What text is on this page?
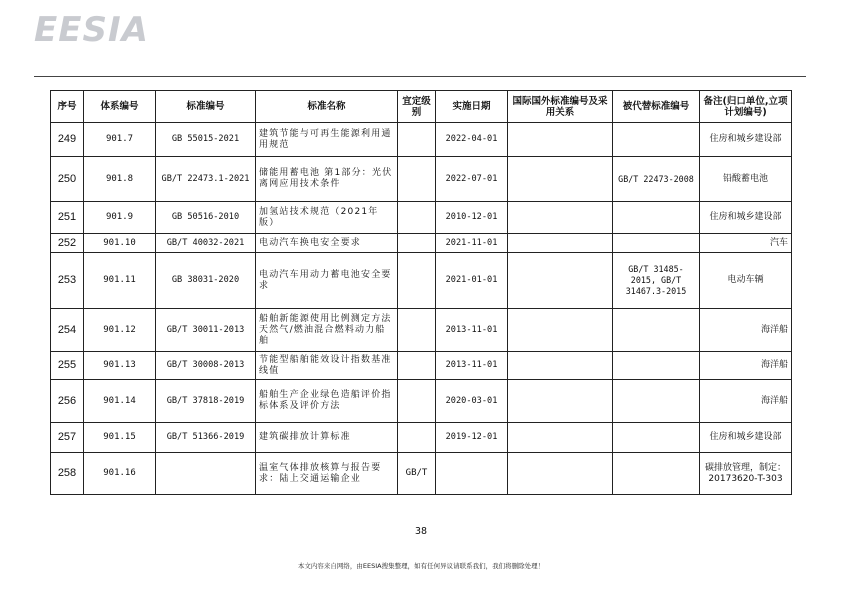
EESIA
序号	体系编号	标准编号	标准名称	宜定级别	实施日期	国际国外标准编号及采用关系	被代替标准编号	备注(归口单位,立项计划编号)
249	901.7	GB 55015-2021	建筑节能与可再生能源利用通用规范		2022-04-01			住房和城乡建设部
250	901.8	GB/T 22473.1-2021	储能用蓄电池 第1部分：光伏离网应用技术条件		2022-07-01		GB/T 22473-2008	铅酸蓄电池
251	901.9	GB 50516-2010	加氢站技术规范（2021年版）		2010-12-01			住房和城乡建设部
252	901.10	GB/T 40032-2021	电动汽车换电安全要求		2021-11-01			汽车
253	901.11	GB 38031-2020	电动汽车用动力蓄电池安全要求		2021-01-01		GB/T 31485-2015, GB/T 31467.3-2015	电动车辆
254	901.12	GB/T 30011-2013	船舶新能源使用比例测定方法 天然气/燃油混合燃料动力船舶		2013-11-01			海洋船
255	901.13	GB/T 30008-2013	节能型船舶能效设计指数基准线值		2013-11-01			海洋船
256	901.14	GB/T 37818-2019	船舶生产企业绿色造船评价指标体系及评价方法		2020-03-01			海洋船
257	901.15	GB/T 51366-2019	建筑碳排放计算标准		2019-12-01			住房和城乡建设部
258	901.16		温室气体排放核算与报告要求：陆上交通运输企业	GB/T				碳排放管理，制定：20173620-T-303
38
本文内容来自网络，由EESIA搜集整理，如有任何异议请联系我们，我们将删除处理！
